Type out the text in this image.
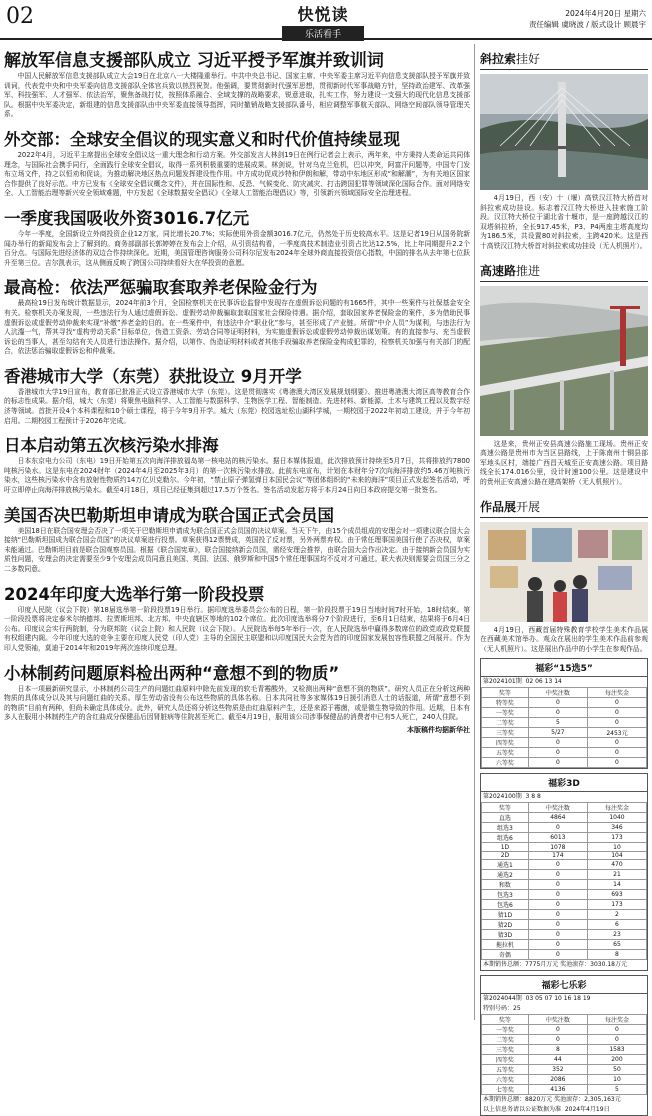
02	快悦读
乐活看手
2024年4月20日 星期六
责任编辑 虞晓波 / 版式设计 顾晨宇
解放军信息支援部队成立 习近平授予军旗并致训词

中国人民解放军信息支援部队成立大会19日在北京八一大楼隆重举行。中共中央总书记、国家主席、中央军委主席习近平向信息支援部队授予军旗并致训词，代表党中央和中央军委向信息支援部队全体官兵致以热烈祝贺。他强调，要贯彻新时代强军思想，贯彻新时代军事战略方针，坚持政治建军、改革强军、科技强军、人才强军、依法治军，聚焦备战打仗，按照体系融合、全域支撑的战略要求，锐意进取，扎实工作，努力建设一支强大的现代化信息支援部队。根据中央军委决定，新组建的信息支援部队由中央军委直接领导指挥，同时撤销战略支援部队番号，相应调整军事航天部队、网络空间部队领导管理关系。

外交部：全球安全倡议的现实意义和时代价值持续显现

2022年4月，习近平主席提出全球安全倡议这一重大理念和行动方案。外交部发言人林剑19日在例行记者会上表示，两年来，中方秉持人类命运共同体理念，与国际社会携手同行，全面践行全球安全倡议，取得一系列积极重要的进展成果。林剑说，针对乌克兰危机，巴以冲突，阿富汗问题等，中国专门发布立场文件，持之以恒劝和促谈，为推动解决地区热点问题发挥建设性作用。中方成功促成沙特和伊朗和解，带动中东地区形成“和解潮”，为有关地区国家合作提供了良好示范。中方已发布《全球安全倡议概念文件》，并在国际性和、反恐、气候变化、防灾减灾、打击跨国犯罪等领域深化国际合作。面对网络安全、人工智能治理等新兴安全领域难题，中方发起《全球数据安全倡议》《全球人工智能治理倡议》等，引领新兴领域国际安全治理进程。

一季度我国吸收外资3016.7亿元

今年一季度，全国新设立外商投资企业12万家，同比增长20.7%；实际使用外资金额3016.7亿元，仍然处于历史较高水平。这是记者19日从国务院新闻办举行的新闻发布会上了解到的。商务部副部长郭婷婷在发布会上介绍，从引资结构看，一季度高技术制造业引资占比达12.5%，比上年同期提升2.2个百分点。与国际先进经济体的双边合作持续深化。近期，美国管理咨询服务公司科尔尼发布2024年全球外商直接投资信心指数，中国的排名从去年第七位跃升至第三位。吉尔凯表示，这从侧面反映了跨国公司持续看好大在华投资的意愿。

最高检：依法严惩骗取套取养老保险金行为

最高检19日发布统计数据显示，2024年前3个月，全国检察机关在民事诉讼监督中发现存在虚假诉讼问题的有1665件，其中一些案件与社保基金安全有关。检察机关办案发现，一些违法行为人通过虚假诉讼、虚假劳动仲裁骗取套取国家社会保险待遇。据介绍，套取国家养老保险金的案件，多为借助民事虚假诉讼或虚假劳动仲裁来实现“补缴”养老金的目的。在一些案件中，有违法中介“职业化”参与，甚至形成了产业链。所谓“中介人员”为谋利，与违法行为人沆瀣一气，帮其寻找“虚构劳动关系”目标单位，伪造工资条、劳动合同等证明材料，为实施虚假诉讼或虚假劳动仲裁出谋划策。有的直接参与、充当虚假诉讼的当事人，甚至勾结有关人员进行违法操作。据介绍，以第作、伪造证明材料或者其他手段骗取养老保险金构成犯罪的，检察机关加强与有关部门的配合，依法惩治骗取虚假诉讼和仲裁案。

香港城市大学（东莞）获批设立 9月开学

香港城市大学19日宣布，教育部已批准正式设立香港城市大学（东莞）。这是贯彻落实《粤港澳大湾区发展规划纲要》、推进粤港澳大湾区高等教育合作的标志性成果。据介绍，城大（东莞）将聚焦电脑科学、人工智能与数据科学、生物医学工程、智能制造、先进材料、新能源、土木与建筑工程以及数字经济等领域。首批开设4个本科课程和10个硕士课程，将于今年9月开学。城大（东莞）校园选址松山湖科学城，一期校园于2022年初动工建设，并于今年初启用。二期校园工程预计于2026年完成。

日本启动第五次核污染水排海

日本东京电力公司（东电）19日开始第五次向海洋排放福岛第一核电站的核污染水。据日本媒体报道，此次排放预计持续至5月7日，共将排放约7800吨核污染水。这是东电在2024财年（2024年4月至2025年3月）的第一次核污染水排放。此前东电宣布，计划在本财年分7次向海洋排放约5.46万吨核污染水，这些核污染水中含有放射性物质约14万亿贝克勒尔。今年初，“禁止原子弹氢弹日本国民会议”等团体组织的“未来的海洋”项目正式发起签名活动，呼吁立即停止向海洋排放核污染水。截至4月18日，项目已经征集到超过17.5万个签名。签名活动发起方将于本月24日向日本政府提交第一批签名。

美国否决巴勒斯坦申请成为联合国正式会员国

美国18日在联合国安理会否决了一项关于巴勒斯坦申请成为联合国正式会员国的决议草案。当天下午，由15个成员组成的安理会对一项建议联合国大会接纳“巴勒斯坦国成为联合国会员国”的决议草案进行投票。草案获得12票赞成，英国投了反对票，另外两票弃权。由于常任理事国美国行使了否决权，草案未能通过。巴勒斯坦目前是联合国观察员国。根据《联合国宪章》，联合国接纳新会员国，需经安理会推荐，由联合国大会作出决定。由于接纳新会员国为实质性问题，安理会的决定需要至少9个安理会成员同意且美国、英国、法国、俄罗斯和中国5个常任理事国均不反对才可通过。联大表决则需要会员国三分之二多数同意。

2024年印度大选举行第一阶段投票

印度人民院（议会下院）第18届选举第一阶段投票19日举行。据印度选举委员会公布的日程，第一阶段投票于19日当地时间7时开始，18时结束。第一阶段投票将决定泰米尔纳德邦、拉贾斯坦邦、北方邦、中央直辖区等地的102个席位。此次印度选举将分7个阶段进行，至6月1日结束，结果将于6月4日公布。印度议会实行两院制，分为联邦院（议会上院）和人民院（议会下院）。人民院选举每5年举行一次，在人民院选举中赢得多数席位的政党或政党联盟有权组建内阁。今年印度大选的竞争主要在印度人民党（印人党）主导的全国民主联盟和以印度国民大会党为首的印度国家发展包容性联盟之间展开。作为印人党领袖，莫迪于2014年和2019年两次连续印度总理。

小林制药问题原料检出两种“意想不到的物质”

日本一项最新研究显示，小林制药公司生产的问题红曲原料中除先前发现的软毛青霉酸外，又检测出两种“意想不到的物质”。研究人员正在分析这两种物质的具体成分以及其与问题红曲的关系。厚生劳动省没有公布这些物质的具体名称。日本共同社等多家媒体19日援引消息人士的话报道，所谓“意想不到的物质”目前有两种，但尚未确定具体成分。此外，研究人员还将分析这些物质是由红曲原料产生，还是来源于霉菌，或是微生物导致的作用。近期，日本有多人在服用小林制药生产的含红曲成分保健品后因肾脏病等住院甚至死亡。截至4月19日，服用该公司涉事保健品的消费者中已有5人死亡，240人住院。

本版稿件均据新华社
斜拉索挂好

4月19日，西（安）十（堰）高铁汉江特大桥首对斜拉索成功挂设。标志着汉江特大桥进入挂索施工阶段。汉江特大桥位于湖北省十堰市，是一座跨越汉江的双塔斜拉桥，全长917.45米，P3、P4两座主塔高度均为186.5米，共设置80对斜拉索，主跨420米。这是西十高铁汉江特大桥首对斜拉索成功挂设（无人机照片）。

高速路推进

这是来，贵州正安县高速公路施工现场。贵州正安高速公路是贵州市为当区县路线，上于陈南州十铜县部军地头区村，端接广西昌天城至正安高速公路。项目路线全长174.016公里，设计时速100公里。这是建设中的贵州正安高速公路在建高架桥（无人机照片）。

作品展开展

4月19日，西藏首届特殊教育学校学生美术作品展在西藏美术馆举办。观众在展出的学生美术作品前参观（无人机照片）。这是展出作品中的小学生在参观作品。

福彩“15选5”
第2024101期 02 06 13 14
奖等	中奖注数	每注奖金
特等奖	0	0
一等奖	0	0
二等奖	5	0
三等奖	5/27	2453元
四等奖	0	0
五等奖	0	0
六等奖	0	0
福彩3D
第2024100期 3 8 8
奖等	中奖注数	每注奖金
直选	4864	1040
组选3	0	346
组选6	6013	173
1D	1078	10
2D	174	104
通选1	0	470
通选2	0	21
和数	0	14
包选3	0	693
包选6	0	173
猜1D	0	2
猜2D	0	6
猜3D	0	23
拖拉机	0	65
奇偶	0	8
本期销售总额：7775月万元 奖池滚存：3030.18万元
福彩七乐彩
第2024044期 03 05 07 10 16 18 19
特别号码：25
奖等	中奖注数	每注奖金
一等奖	0	0
二等奖	0	0
三等奖	8	1583
四等奖	44	200
五等奖	352	50
六等奖	2086	10
七等奖	4136	5
本期销售总额：8820万元 奖池滚存：2,305,163元
以上信息务请以公证数据为准 2024年4月19日
